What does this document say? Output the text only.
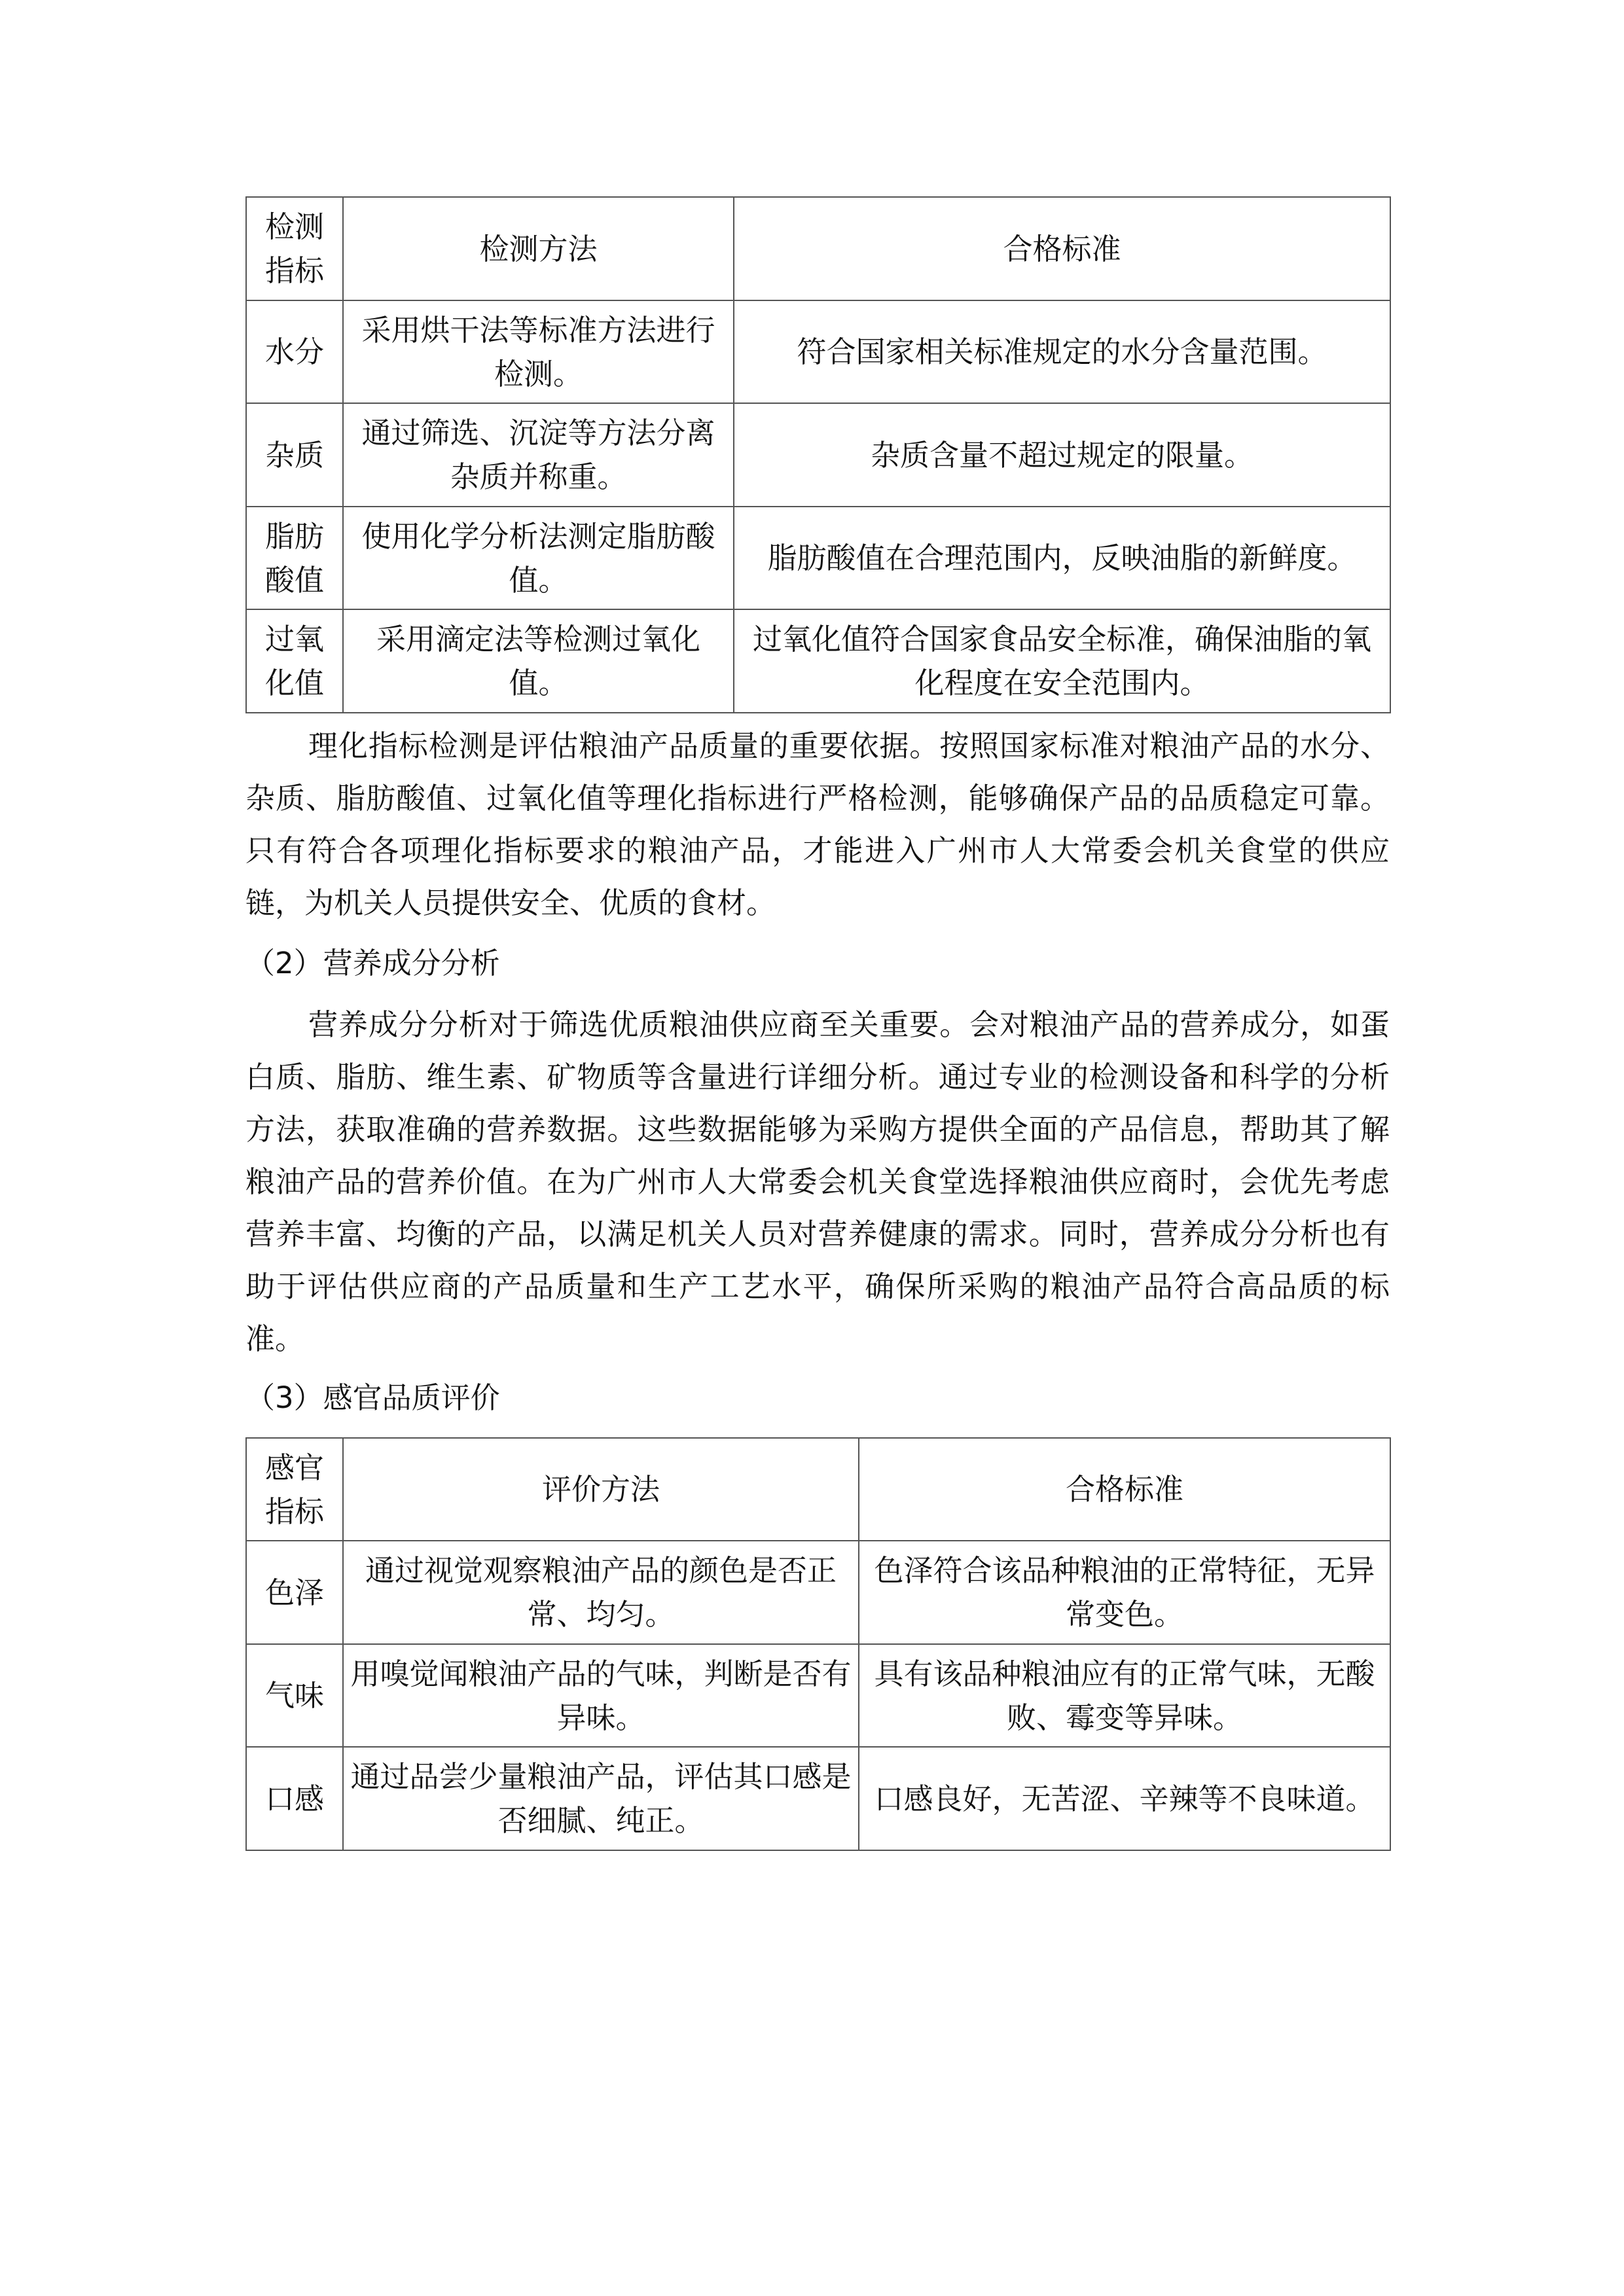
检测指标	检测方法	合格标准
水分	采用烘干法等标准方法进行检测。	符合国家相关标准规定的水分含量范围。
杂质	通过筛选、沉淀等方法分离杂质并称重。	杂质含量不超过规定的限量。
脂肪酸值	使用化学分析法测定脂肪酸值。	脂肪酸值在合理范围内，反映油脂的新鲜度。
过氧化值	采用滴定法等检测过氧化值。	过氧化值符合国家食品安全标准，确保油脂的氧化程度在安全范围内。

理化指标检测是评估粮油产品质量的重要依据。按照国家标准对粮油产品的水分、杂质、脂肪酸值、过氧化值等理化指标进行严格检测，能够确保产品的品质稳定可靠。只有符合各项理化指标要求的粮油产品，才能进入广州市人大常委会机关食堂的供应链，为机关人员提供安全、优质的食材。

（2）营养成分分析

营养成分分析对于筛选优质粮油供应商至关重要。会对粮油产品的营养成分，如蛋白质、脂肪、维生素、矿物质等含量进行详细分析。通过专业的检测设备和科学的分析方法，获取准确的营养数据。这些数据能够为采购方提供全面的产品信息，帮助其了解粮油产品的营养价值。在为广州市人大常委会机关食堂选择粮油供应商时，会优先考虑营养丰富、均衡的产品，以满足机关人员对营养健康的需求。同时，营养成分分析也有助于评估供应商的产品质量和生产工艺水平，确保所采购的粮油产品符合高品质的标准。

（3）感官品质评价

感官指标	评价方法	合格标准
色泽	通过视觉观察粮油产品的颜色是否正常、均匀。	色泽符合该品种粮油的正常特征，无异常变色。
气味	用嗅觉闻粮油产品的气味，判断是否有异味。	具有该品种粮油应有的正常气味，无酸败、霉变等异味。
口感	通过品尝少量粮油产品，评估其口感是否细腻、纯正。	口感良好，无苦涩、辛辣等不良味道。
